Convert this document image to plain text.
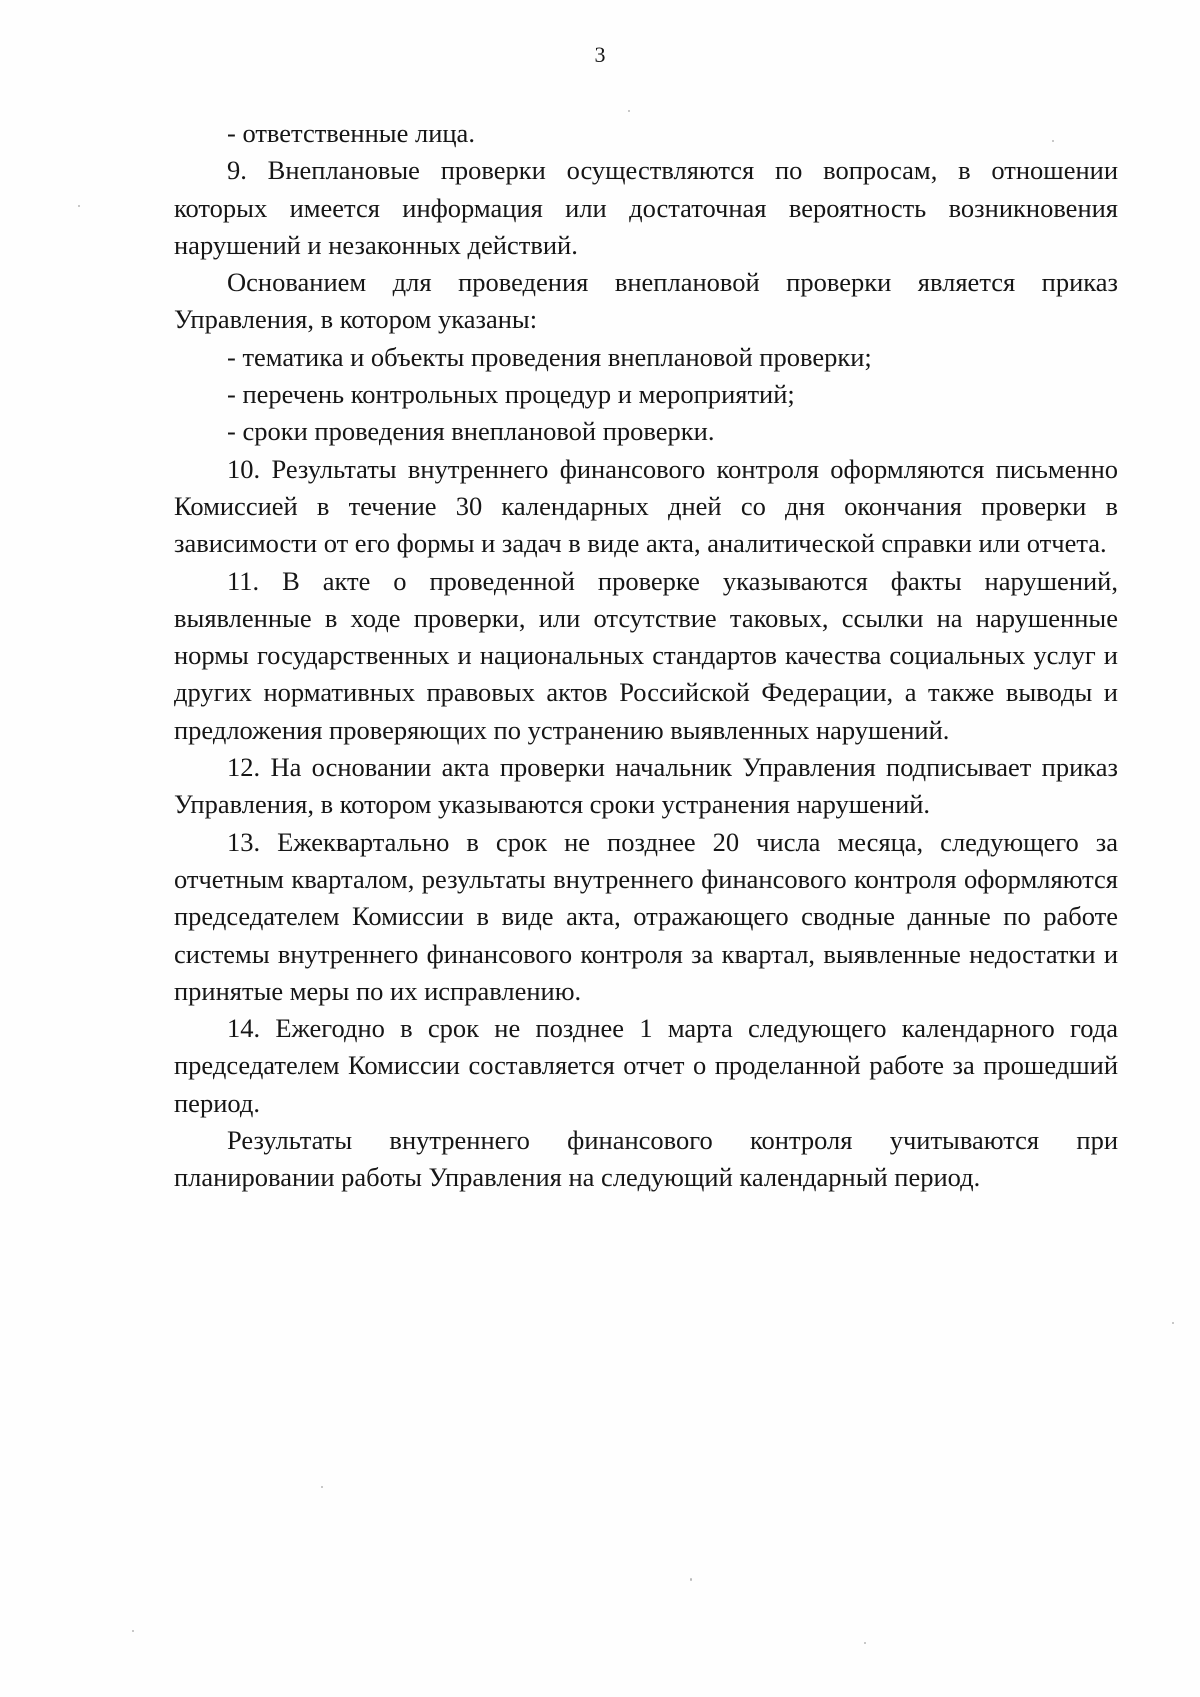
3

- ответственные лица.

9. Внеплановые проверки осуществляются по вопросам, в отношении которых имеется информация или достаточная вероятность возникновения нарушений и незаконных действий.

Основанием для проведения внеплановой проверки является приказ Управления, в котором указаны:

- тематика и объекты проведения внеплановой проверки;

- перечень контрольных процедур и мероприятий;

- сроки проведения внеплановой проверки.

10. Результаты внутреннего финансового контроля оформляются письменно Комиссией в течение 30 календарных дней со дня окончания проверки в зависимости от его формы и задач в виде акта, аналитической справки или отчета.

11. В акте о проведенной проверке указываются факты нарушений, выявленные в ходе проверки, или отсутствие таковых, ссылки на нарушенные нормы государственных и национальных стандартов качества социальных услуг и других нормативных правовых актов Российской Федерации, а также выводы и предложения проверяющих по устранению выявленных нарушений.

12. На основании акта проверки начальник Управления подписывает приказ Управления, в котором указываются сроки устранения нарушений.

13. Ежеквартально в срок не позднее 20 числа месяца, следующего за отчетным кварталом, результаты внутреннего финансового контроля оформляются председателем Комиссии в виде акта, отражающего сводные данные по работе системы внутреннего финансового контроля за квартал, выявленные недостатки и принятые меры по их исправлению.

14. Ежегодно в срок не позднее 1 марта следующего календарного года председателем Комиссии составляется отчет о проделанной работе за прошедший период.

Результаты внутреннего финансового контроля учитываются при планировании работы Управления на следующий календарный период.
